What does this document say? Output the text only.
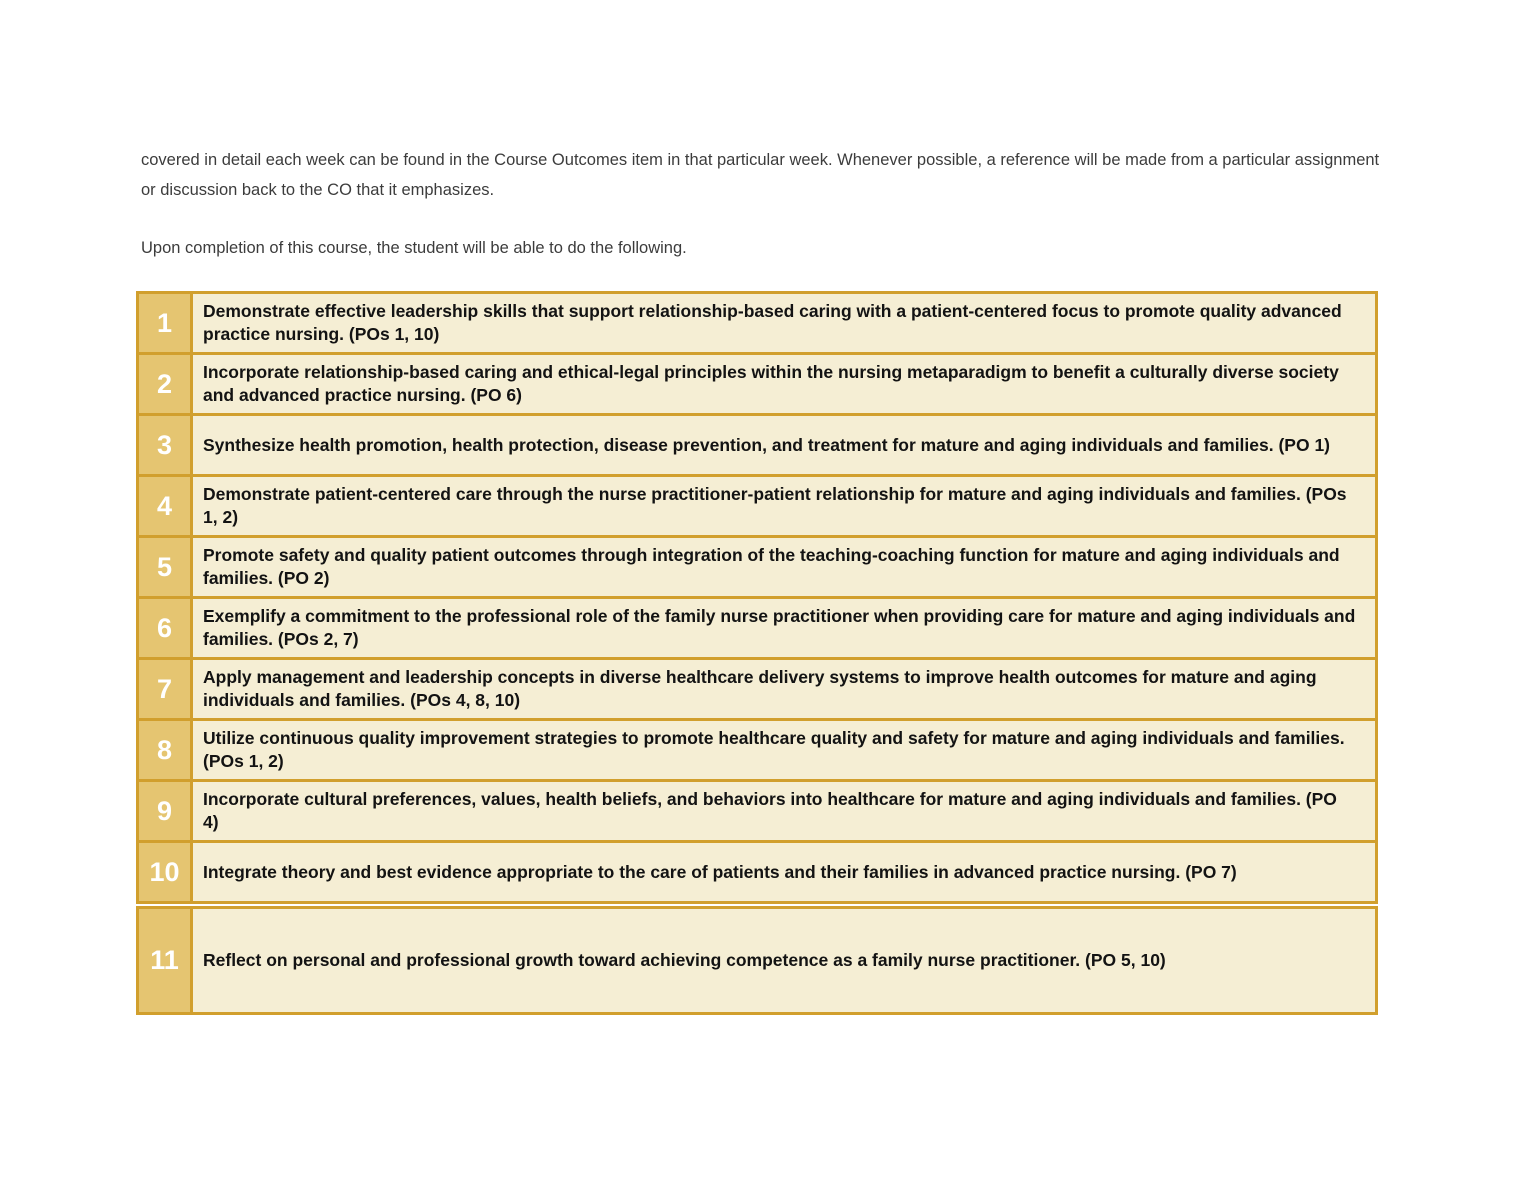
covered in detail each week can be found in the Course Outcomes item in that particular week. Whenever possible, a reference will be made from a particular assignment or discussion back to the CO that it emphasizes.

Upon completion of this course, the student will be able to do the following.

1	Demonstrate effective leadership skills that support relationship-based caring with a patient-centered focus to promote quality advanced practice nursing. (POs 1, 10)
2	Incorporate relationship-based caring and ethical-legal principles within the nursing metaparadigm to benefit a culturally diverse society and advanced practice nursing. (PO 6)
3	Synthesize health promotion, health protection, disease prevention, and treatment for mature and aging individuals and families. (PO 1)
4	Demonstrate patient-centered care through the nurse practitioner-patient relationship for mature and aging individuals and families. (POs 1, 2)
5	Promote safety and quality patient outcomes through integration of the teaching-coaching function for mature and aging individuals and families. (PO 2)
6	Exemplify a commitment to the professional role of the family nurse practitioner when providing care for mature and aging individuals and families. (POs 2, 7)
7	Apply management and leadership concepts in diverse healthcare delivery systems to improve health outcomes for mature and aging individuals and families. (POs 4, 8, 10)
8	Utilize continuous quality improvement strategies to promote healthcare quality and safety for mature and aging individuals and families. (POs 1, 2)
9	Incorporate cultural preferences, values, health beliefs, and behaviors into healthcare for mature and aging individuals and families. (PO 4)
10	Integrate theory and best evidence appropriate to the care of patients and their families in advanced practice nursing. (PO 7)
11	Reflect on personal and professional growth toward achieving competence as a family nurse practitioner. (PO 5, 10)
